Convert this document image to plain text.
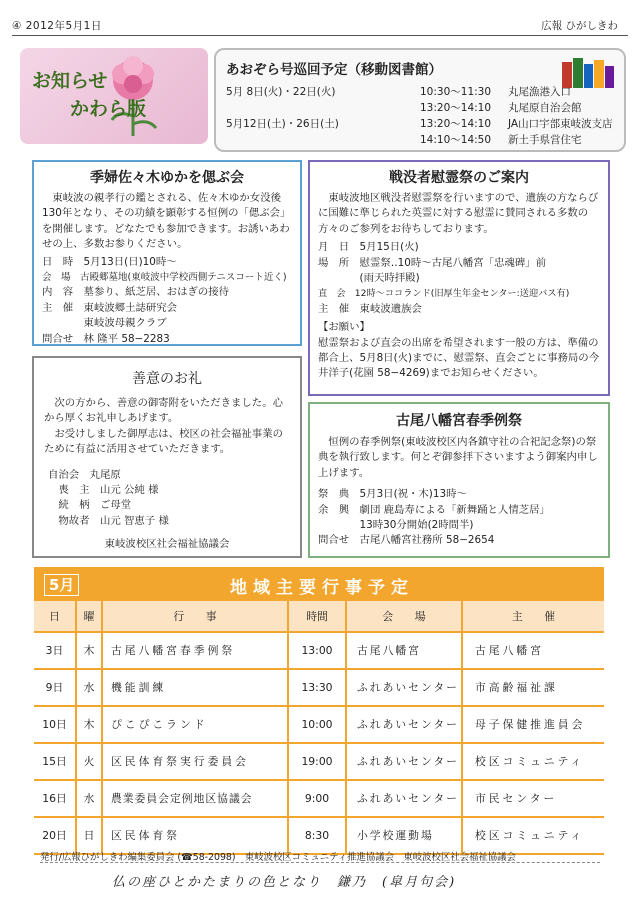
④ 2012年5月1日	広報 ひがしきわ
お知らせ
かわら版
あおぞら号巡回予定（移動図書館）
5月 8日(火)・22日(火)	10:30〜11:30 丸尾漁港入口
13:20〜14:10 丸尾原自治会館
5月12日(土)・26日(土)	13:20〜14:10 JA山口宇部東岐波支店
14:10〜14:50 新土手県営住宅
季婦佐々木ゆかを偲ぶ会
　東岐波の親孝行の鑑とされる、佐々木ゆか女没後130年となり、その功績を顕彰する恒例の「偲ぶ会」を開催します。どなたでも参加できます。お誘いあわせの上、多数お参りください。
日　時　5月13日(日)10時〜
会　場　古殿郷墓地(東岐波中学校西側テニスコート近く)
内　容　墓参り、紙芝居、おはぎの接待
主　催　東岐波郷土誌研究会
　　　　東岐波母親クラブ
問合せ　林 隆平 58−2283
戦没者慰霊祭のご案内
　東岐波地区戦没者慰霊祭を行いますので、遺族の方ならびに国難に準じられた英霊に対する慰霊に賛同される多数の方々のご参列をお待ちしております。
月　日　5月15日(火)
場　所　慰霊祭‥10時〜古尾八幡宮「忠魂碑」前
　　　　(雨天時拝殿)
直　会　12時〜ココランド(旧厚生年金センター:送迎バス有)
主　催　東岐波遺族会
【お願い】
慰霊祭および直会の出席を希望されます一般の方は、準備の都合上、5月8日(火)までに、慰霊祭、直会ごとに事務局の今井洋子(花園 58−4269)までお知らせください。
善意のお礼
　次の方から、善意の御寄附をいただきました。心から厚くお礼申しあげます。
　お受けしました御厚志は、校区の社会福祉事業のために有益に活用させていただきます。
自治会　丸尾原
　喪　主　山元 公純 様
　続　柄　ご母堂
　物故者　山元 智恵子 様
東岐波校区社会福祉協議会
古尾八幡宮春季例祭
　恒例の春季例祭(東岐波校区内各鎮守社の合祀記念祭)の祭典を執行致します。何とぞ御参拝下さいますよう御案内申し上げます。
祭　典　5月3日(祝・木)13時〜
余　興　劇団 鹿島寿による「新舞踊と人情芝居」
　　　　13時30分開始(2時間半)
問合せ　古尾八幡宮社務所 58−2654
5月	地域主要行事予定
日	曜	行　　事	時間	会　　場	主　　催
3日	木	古尾八幡宮春季例祭	13:00	古尾八幡宮	古尾八幡宮
9日	水	機能訓練	13:30	ふれあいセンター	市高齢福祉課
10日	木	ぴこぴこランド	10:00	ふれあいセンター	母子保健推進員会
15日	火	区民体育祭実行委員会	19:00	ふれあいセンター	校区コミュニティ
16日	水	農業委員会定例地区協議会	9:00	ふれあいセンター	市民センター
20日	日	区民体育祭	8:30	小学校運動場	校区コミュニティ
発行/広報ひがしきわ編集委員会 (☎58-2098)　東岐波校区コミュニティ推進協議会　東岐波校区社会福祉協議会
仏の座ひとかたまりの色となり　鎌乃　(皐月句会)
